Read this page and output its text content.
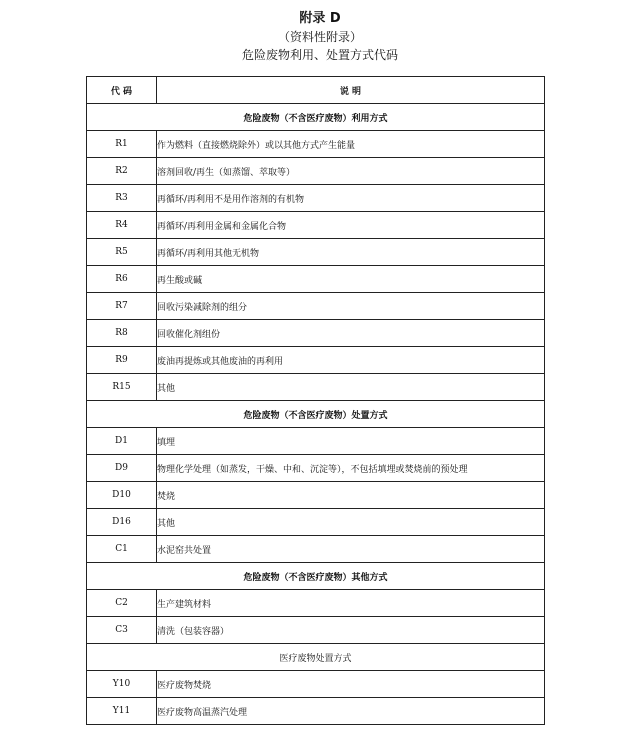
附录 D
（资料性附录）
危险废物利用、处置方式代码
代 码	说 明
危险废物（不含医疗废物）利用方式	
R1	作为燃料（直接燃烧除外）或以其他方式产生能量
R2	溶剂回收/再生（如蒸馏、萃取等）
R3	再循环/再利用不是用作溶剂的有机物
R4	再循环/再利用金属和金属化合物
R5	再循环/再利用其他无机物
R6	再生酸或碱
R7	回收污染减除剂的组分
R8	回收催化剂组份
R9	废油再提炼或其他废油的再利用
R15	其他
危险废物（不含医疗废物）处置方式	
D1	填埋
D9	物理化学处理（如蒸发，干燥、中和、沉淀等），不包括填埋或焚烧前的预处理
D10	焚烧
D16	其他
C1	水泥窑共处置
危险废物（不含医疗废物）其他方式	
C2	生产建筑材料
C3	清洗（包装容器）
医疗废物处置方式	
Y10	医疗废物焚烧
Y11	医疗废物高温蒸汽处理
